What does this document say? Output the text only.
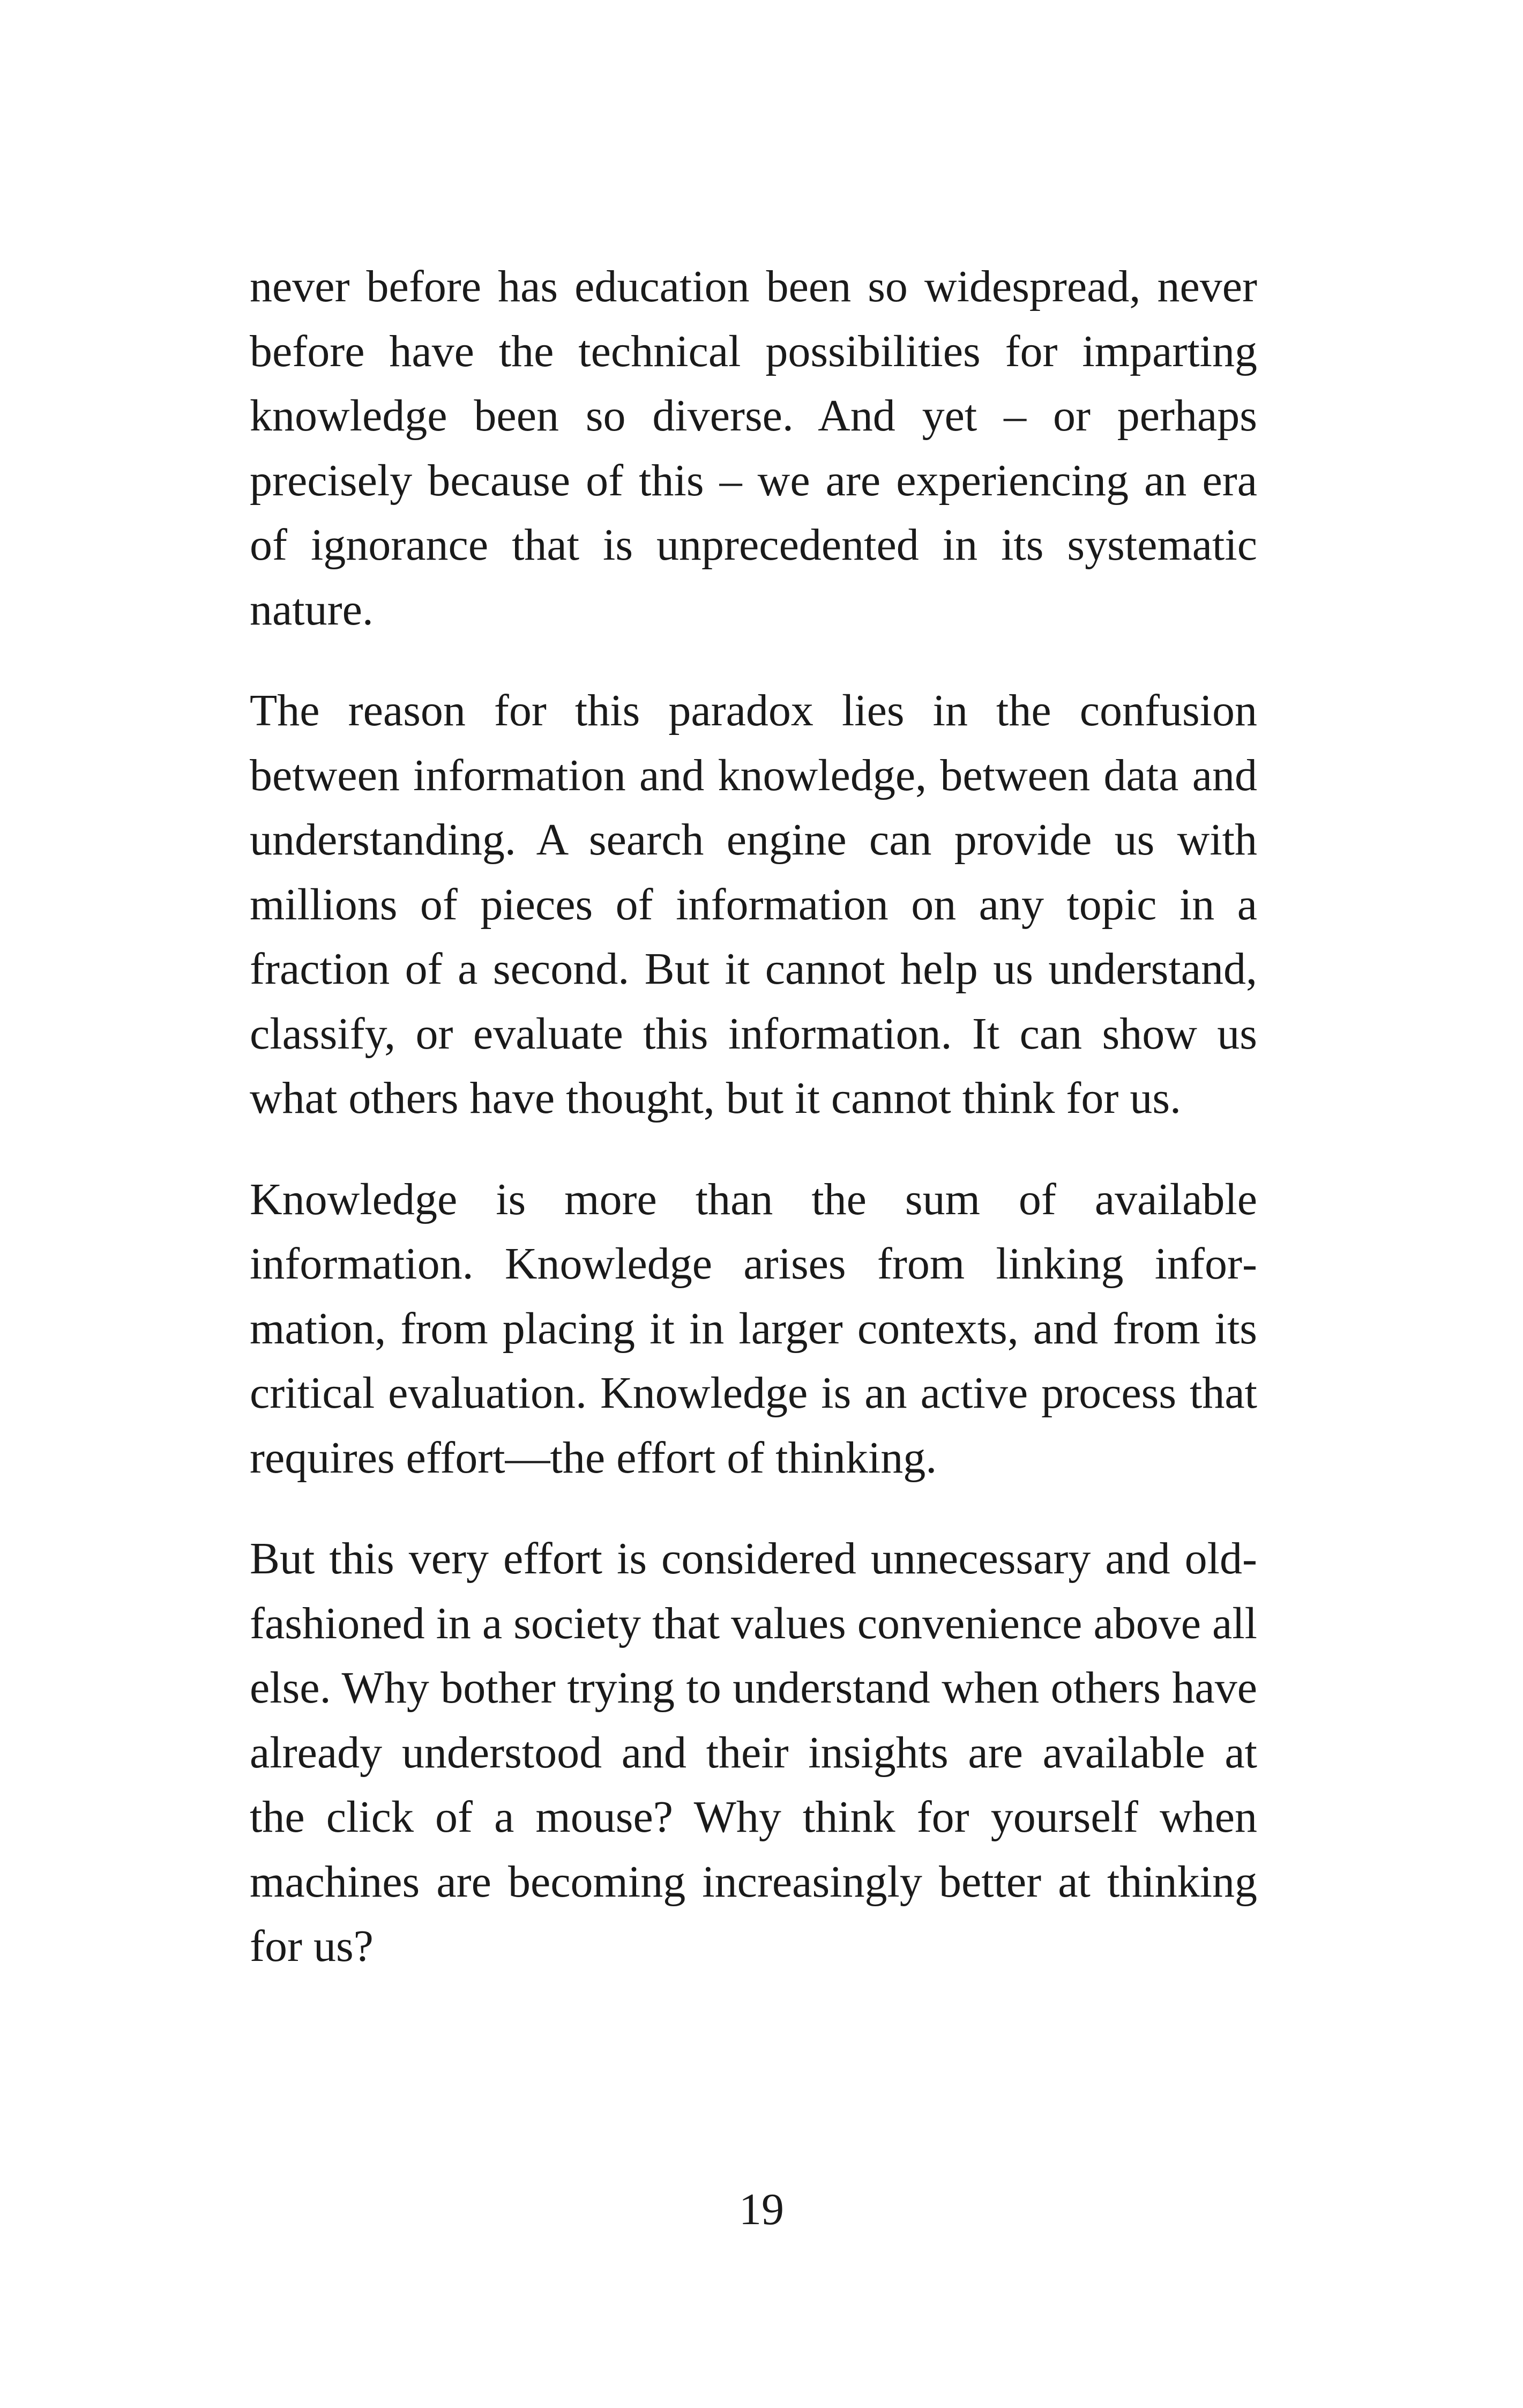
never before has education been so widespread, never before have the technical possibilities for imparting knowledge been so diverse. And yet – or perhaps precisely because of this – we are experiencing an era of ignorance that is unprecedented in its systematic nature.

The reason for this paradox lies in the confusion between information and knowledge, between data and understanding. A search engine can provide us with millions of pieces of information on any topic in a fraction of a second. But it cannot help us understand, classify, or evaluate this information. It can show us what others have thought, but it cannot think for us.

Knowledge is more than the sum of available information. Knowledge arises from linking information, from placing it in larger contexts, and from its critical evaluation. Knowledge is an active process that requires effort—the effort of thinking.

But this very effort is considered unnecessary and old-fashioned in a society that values convenience above all else. Why bother trying to understand when others have already understood and their insights are available at the click of a mouse? Why think for yourself when machines are becoming increasingly better at thinking for us?

19
